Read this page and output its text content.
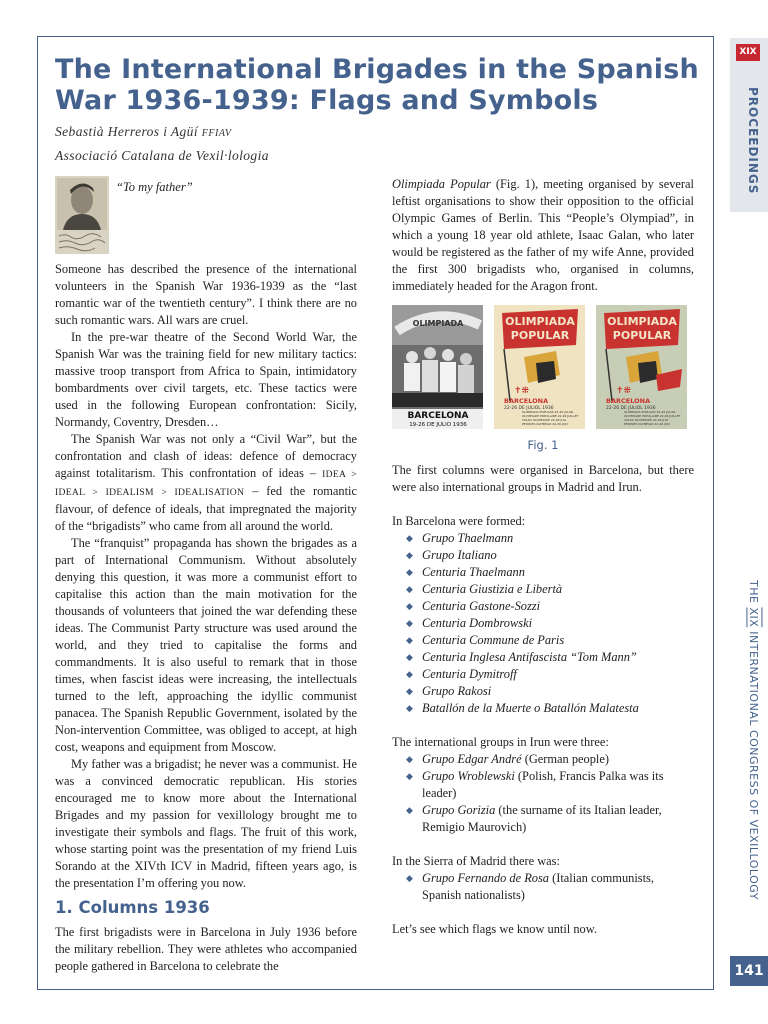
The International Brigades in the Spanish War 1936-1939: Flags and Symbols
Sebastià Herreros i Agüí FFIAV
Associació Catalana de Vexil·lologia
“To my father”

Someone has described the presence of the international volunteers in the Spanish War 1936-1939 as the “last romantic war of the twentieth century”. I think there are no such romantic wars. All wars are cruel.

In the pre-war theatre of the Second World War, the Spanish War was the training field for new military tactics: massive troop transport from Africa to Spain, intimidatory bombardments over civil targets, etc. These tactics were used in the following European confrontation: Sicily, Normandy, Coventry, Dresden…

The Spanish War was not only a “Civil War”, but the confrontation and clash of ideas: defence of democracy against totalitarism. This confrontation of ideas – IDEA > IDEAL > IDEALISM > IDEALISATION – fed the romantic flavour, of defence of ideals, that impregnated the majority of the “brigadists” who came from all around the world.

The “franquist” propaganda has shown the brigades as a part of International Communism. Without absolutely denying this question, it was more a communist effort to capitalise this action than the main motivation for the thousands of volunteers that joined the war defending these ideas. The Communist Party structure was used around the world, and they tried to capitalise the forms and commandments. It is also useful to remark that in those times, when fascist ideas were increasing, the intellectuals turned to the left, approaching the idyllic communist panacea. The Spanish Republic Government, isolated by the Non-intervention Committee, was obliged to accept, at high cost, weapons and equipment from Moscow.

My father was a brigadist; he never was a communist. He was a convinced democratic republican. His stories encouraged me to know more about the International Brigades and my passion for vexillology brought me to investigate their symbols and flags. The fruit of this work, whose starting point was the presentation of my friend Luis Sorando at the XIVth ICV in Madrid, fifteen years ago, is the presentation I’m offering you now.

1. Columns 1936

The first brigadists were in Barcelona in July 1936 before the military rebellion. They were athletes who accompanied people gathered in Barcelona to celebrate the

Olimpiada Popular (Fig. 1), meeting organised by several leftist organisations to show their opposition to the official Olympic Games of Berlin. This “People’s Olympiad”, in which a young 18 year old athlete, Isaac Galan, who later would be registered as the father of my wife Anne, provided the first 300 brigadists who, organised in columns, immediately headed for the Aragon front.

OLIMPIADA
BARCELONA
19-26 DE JULIO 1936
OLIMPIADA
POPULAR
✝⁜
BARCELONA
22-26 DE JULIOL 1936
OLIMPIADA POPULAR 22-26 JULIOL
OLYMPIADE POPULAIRE 22-26 JUILLET
VOLKS OLYMPIADE 22-26 JULI
PEOPLES OLYMPIAD 22-26 JULY
OLIMPIADA
POPULAR
✝⁜
BARCELONA
22-26 DE JULIOL 1936
OLIMPIADA POPULAR 22-26 JULIOL
OLYMPIADE POPULAIRE 22-26 JUILLET
VOLKS OLYMPIADE 22-26 JULI
PEOPLES OLYMPIAD 22-26 JULY

Fig. 1

The first columns were organised in Barcelona, but there were also international groups in Madrid and Irun.

In Barcelona were formed:

◆ Grupo Thaelmann
◆ Grupo Italiano
◆ Centuria Thaelmann
◆ Centuria Giustizia e Libertà
◆ Centuria Gastone-Sozzi
◆ Centuria Dombrowski
◆ Centuria Commune de Paris
◆ Centuria Inglesa Antifascista “Tom Mann”
◆ Centuria Dymitroff
◆ Grupo Rakosi
◆ Batallón de la Muerte o Batallón Malatesta

The international groups in Irun were three:

◆ Grupo Edgar André (German people)
◆ Grupo Wroblewski (Polish, Francis Palka was its leader)
◆ Grupo Gorizia (the surname of its Italian leader, Remigio Maurovich)

In the Sierra of Madrid there was:

◆ Grupo Fernando de Rosa (Italian communists, Spanish nationalists)

Let’s see which flags we know until now.

XIX
PROCEEDINGS
THE XIX INTERNATIONAL CONGRESS OF VEXILLOLOGY
141
